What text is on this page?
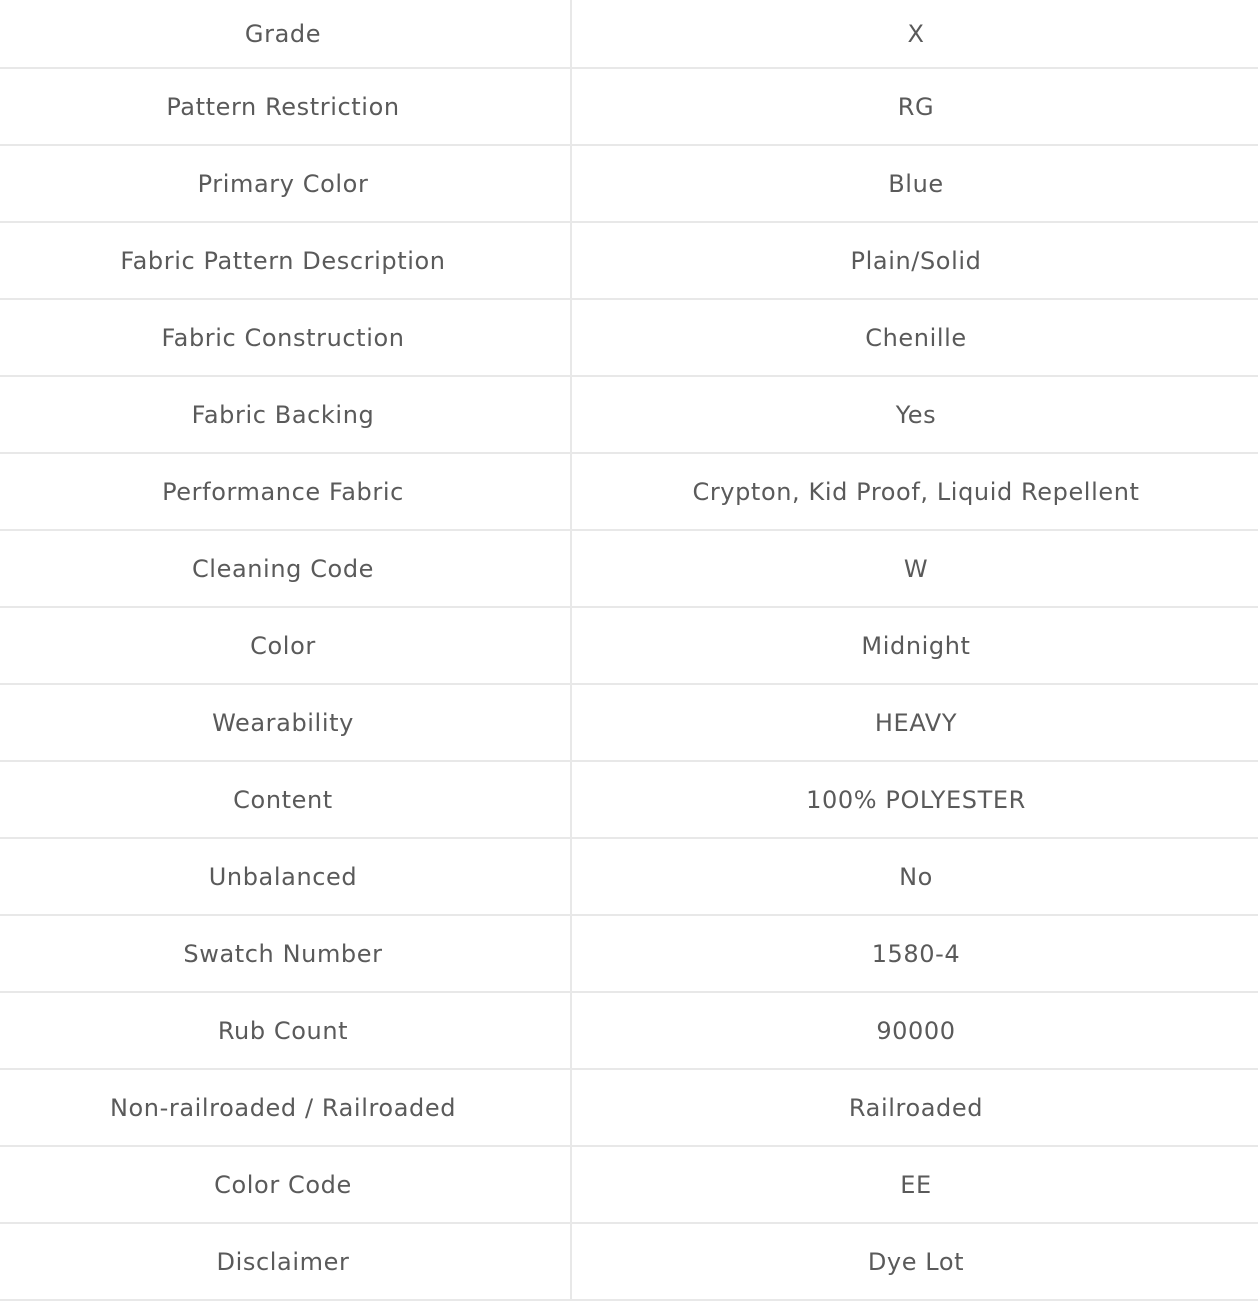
Grade	X
Pattern Restriction	RG
Primary Color	Blue
Fabric Pattern Description	Plain/Solid
Fabric Construction	Chenille
Fabric Backing	Yes
Performance Fabric	Crypton, Kid Proof, Liquid Repellent
Cleaning Code	W
Color	Midnight
Wearability	HEAVY
Content	100% POLYESTER
Unbalanced	No
Swatch Number	1580-4
Rub Count	90000
Non-railroaded / Railroaded	Railroaded
Color Code	EE
Disclaimer	Dye Lot
